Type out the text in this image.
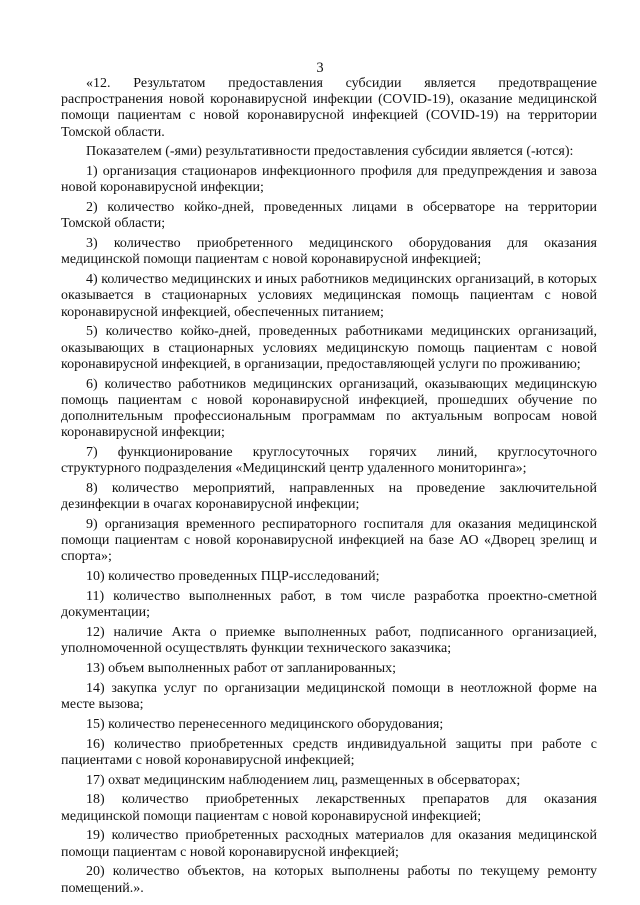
3

«12. Результатом предоставления субсидии является предотвращение распространения новой коронавирусной инфекции (COVID-19), оказание медицинской помощи пациентам с новой коронавирусной инфекцией (COVID-19) на территории Томской области.

Показателем (-ями) результативности предоставления субсидии является (-ются):

1) организация стационаров инфекционного профиля для предупреждения и завоза новой коронавирусной инфекции;

2) количество койко-дней, проведенных лицами в обсерваторе на территории Томской области;

3) количество приобретенного медицинского оборудования для оказания медицинской помощи пациентам с новой коронавирусной инфекцией;

4) количество медицинских и иных работников медицинских организаций, в которых оказывается в стационарных условиях медицинская помощь пациентам с новой коронавирусной инфекцией, обеспеченных питанием;

5) количество койко-дней, проведенных работниками медицинских организаций, оказывающих в стационарных условиях медицинскую помощь пациентам с новой коронавирусной инфекцией, в организации, предоставляющей услуги по проживанию;

6) количество работников медицинских организаций, оказывающих медицинскую помощь пациентам с новой коронавирусной инфекцией, прошедших обучение по дополнительным профессиональным программам по актуальным вопросам новой коронавирусной инфекции;

7) функционирование круглосуточных горячих линий, круглосуточного структурного подразделения «Медицинский центр удаленного мониторинга»;

8) количество мероприятий, направленных на проведение заключительной дезинфекции в очагах коронавирусной инфекции;

9) организация временного респираторного госпиталя для оказания медицинской помощи пациентам с новой коронавирусной инфекцией на базе АО «Дворец зрелищ и спорта»;

10) количество проведенных ПЦР-исследований;

11) количество выполненных работ, в том числе разработка проектно-сметной документации;

12) наличие Акта о приемке выполненных работ, подписанного организацией, уполномоченной осуществлять функции технического заказчика;

13) объем выполненных работ от запланированных;

14) закупка услуг по организации медицинской помощи в неотложной форме на месте вызова;

15) количество перенесенного медицинского оборудования;

16) количество приобретенных средств индивидуальной защиты при работе с пациентами с новой коронавирусной инфекцией;

17) охват медицинским наблюдением лиц, размещенных в обсерваторах;

18) количество приобретенных лекарственных препаратов для оказания медицинской помощи пациентам с новой коронавирусной инфекцией;

19) количество приобретенных расходных материалов для оказания медицинской помощи пациентам с новой коронавирусной инфекцией;

20) количество объектов, на которых выполнены работы по текущему ремонту помещений.».
